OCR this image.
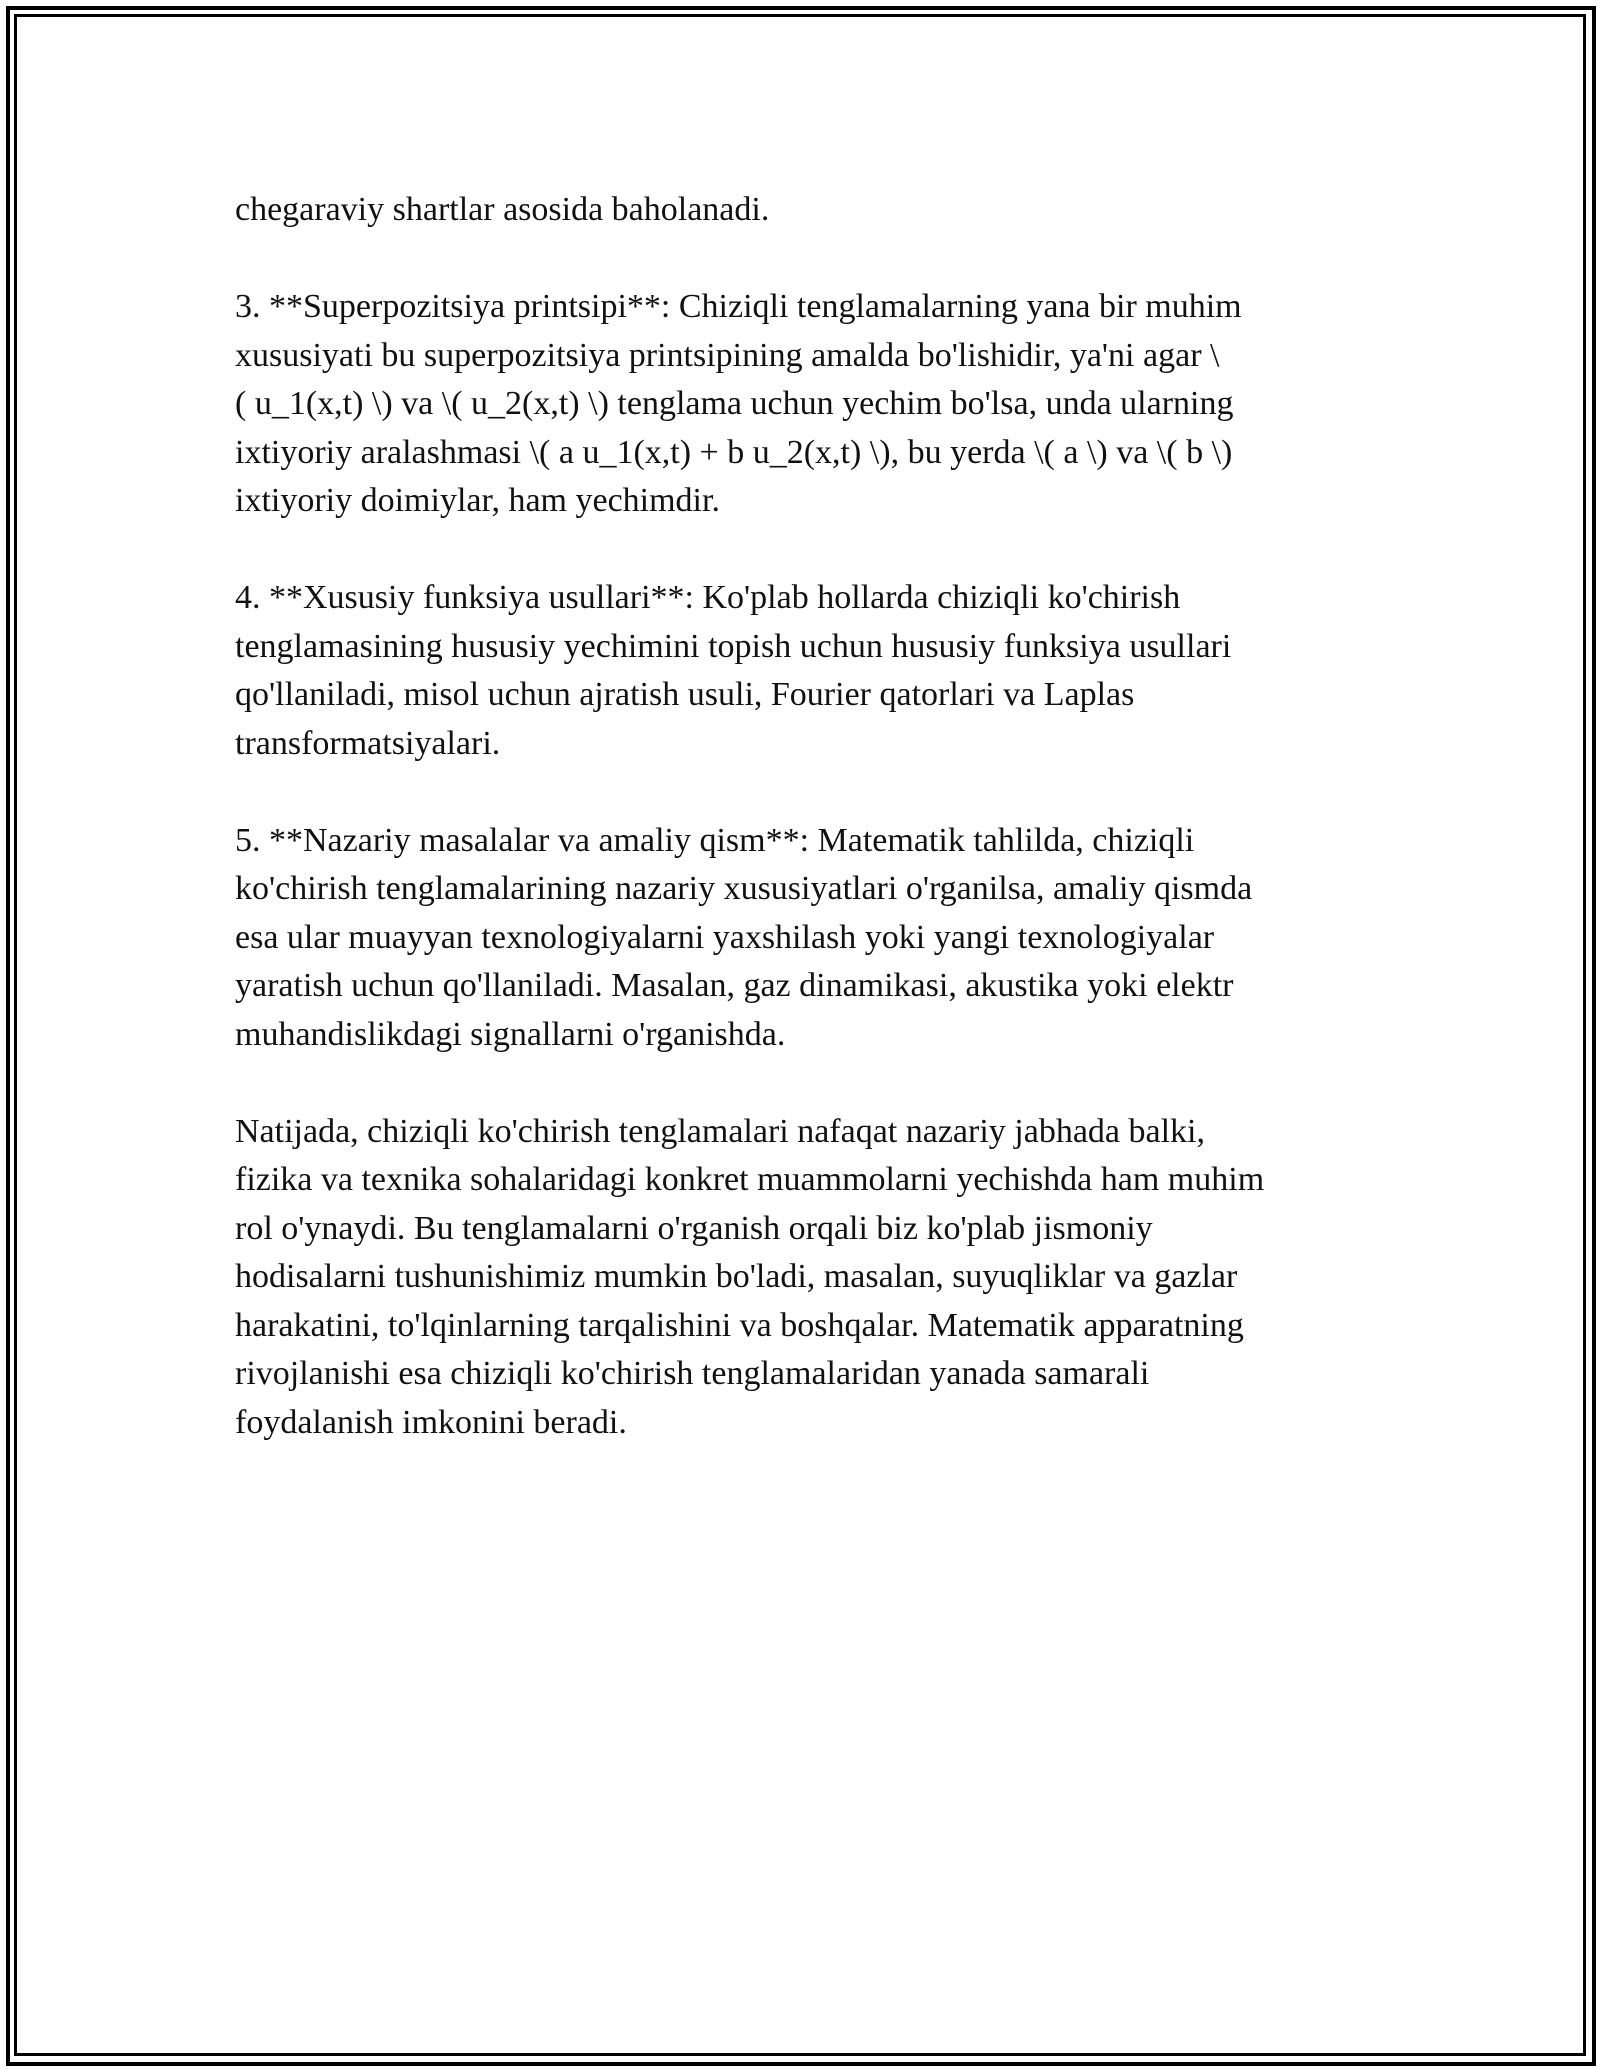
chegaraviy shartlar asosida baholanadi.

3. **Superpozitsiya printsipi**: Chiziqli tenglamalarning yana bir muhim
xususiyati bu superpozitsiya printsipining amalda bo'lishidir, ya'ni agar \
( u_1(x,t) \) va \( u_2(x,t) \) tenglama uchun yechim bo'lsa, unda ularning
ixtiyoriy aralashmasi \( a u_1(x,t) + b u_2(x,t) \), bu yerda \( a \) va \( b \)
ixtiyoriy doimiylar, ham yechimdir.

4. **Xususiy funksiya usullari**: Ko'plab hollarda chiziqli ko'chirish
tenglamasining hususiy yechimini topish uchun hususiy funksiya usullari
qo'llaniladi, misol uchun ajratish usuli, Fourier qatorlari va Laplas
transformatsiyalari.

5. **Nazariy masalalar va amaliy qism**: Matematik tahlilda, chiziqli
ko'chirish tenglamalarining nazariy xususiyatlari o'rganilsa, amaliy qismda
esa ular muayyan texnologiyalarni yaxshilash yoki yangi texnologiyalar
yaratish uchun qo'llaniladi. Masalan, gaz dinamikasi, akustika yoki elektr
muhandislikdagi signallarni o'rganishda.

Natijada, chiziqli ko'chirish tenglamalari nafaqat nazariy jabhada balki,
fizika va texnika sohalaridagi konkret muammolarni yechishda ham muhim
rol o'ynaydi. Bu tenglamalarni o'rganish orqali biz ko'plab jismoniy
hodisalarni tushunishimiz mumkin bo'ladi, masalan, suyuqliklar va gazlar
harakatini, to'lqinlarning tarqalishini va boshqalar. Matematik apparatning
rivojlanishi esa chiziqli ko'chirish tenglamalaridan yanada samarali
foydalanish imkonini beradi.
